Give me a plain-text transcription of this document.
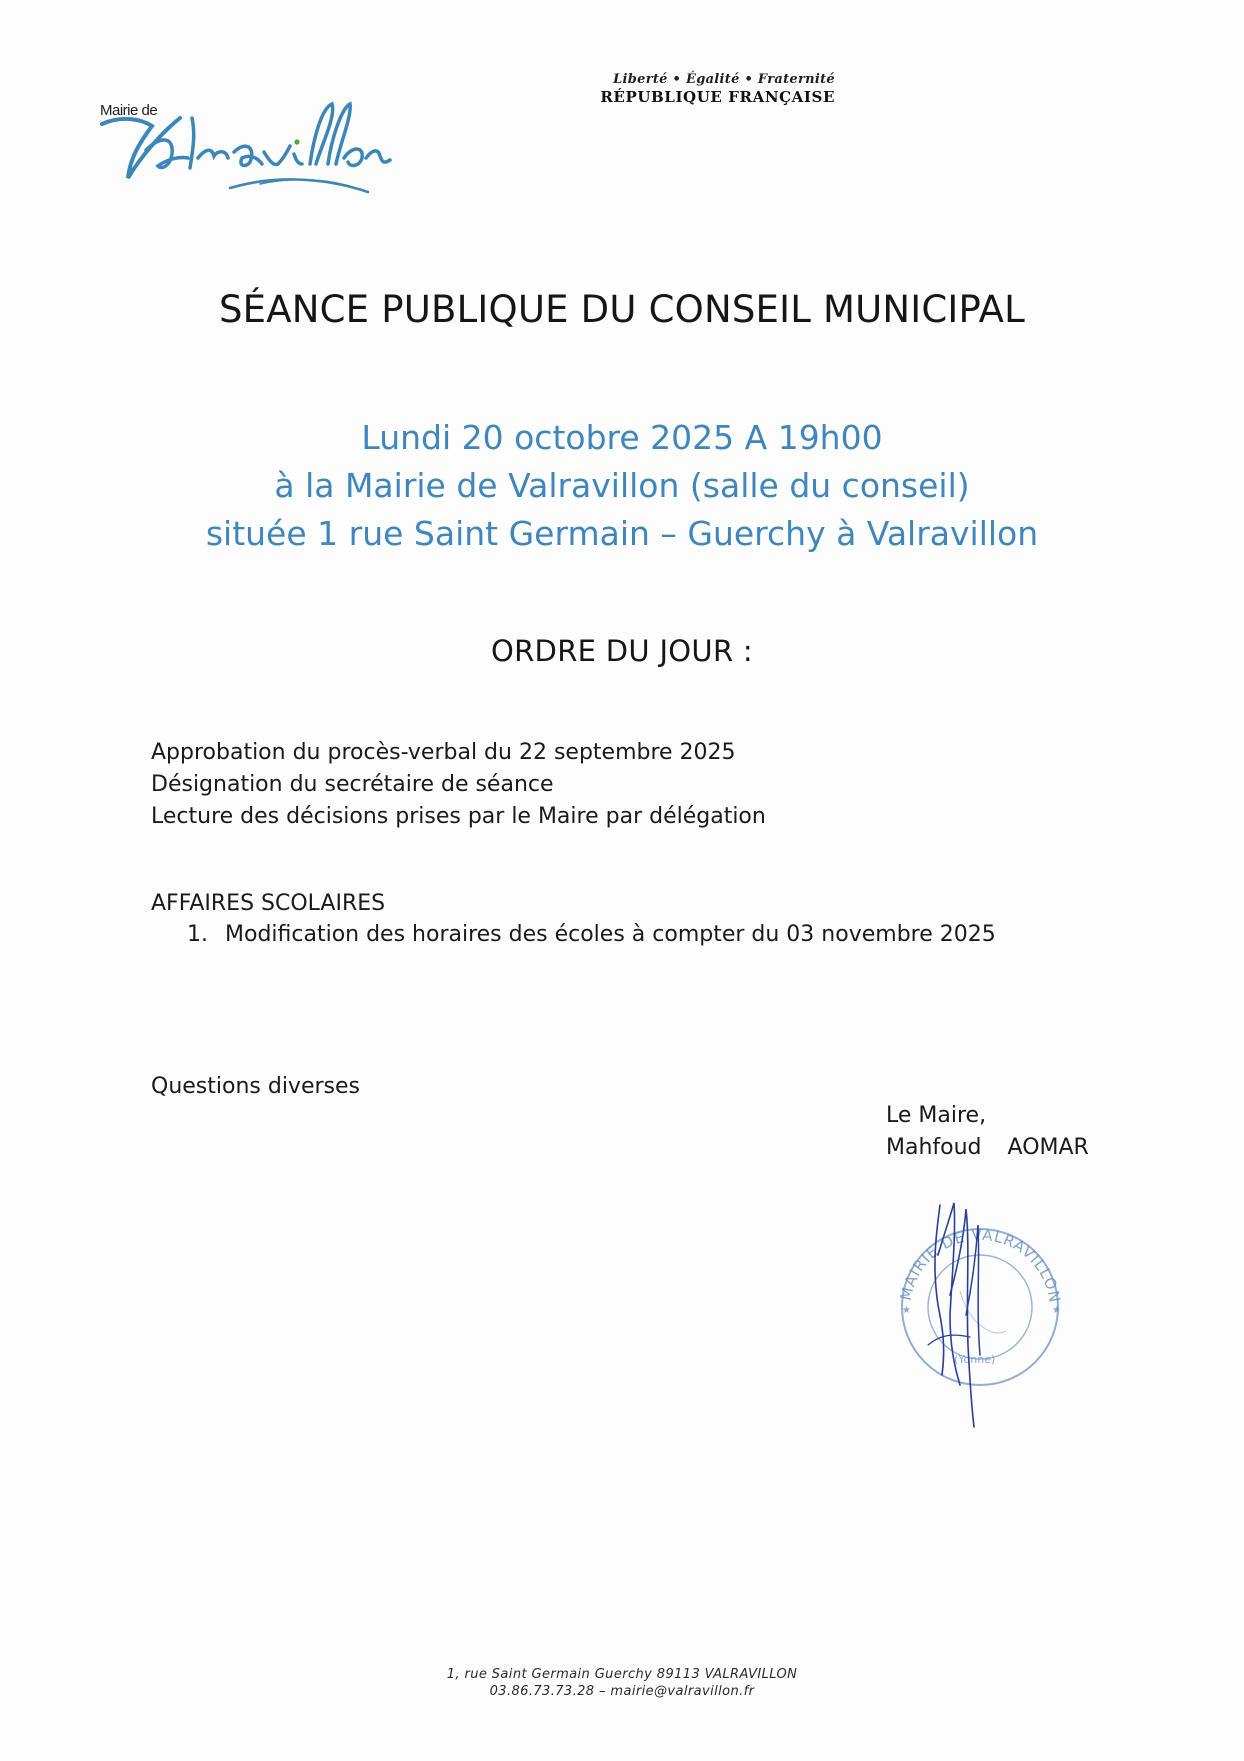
Mairie de
Liberté • Égalité • Fraternité
RÉPUBLIQUE FRANÇAISE
SÉANCE PUBLIQUE DU CONSEIL MUNICIPAL
Lundi 20 octobre 2025 A 19h00
à la Mairie de Valravillon (salle du conseil)
située 1 rue Saint Germain – Guerchy à Valravillon
ORDRE DU JOUR :
Approbation du procès-verbal du 22 septembre 2025
Désignation du secrétaire de séance
Lecture des décisions prises par le Maire par délégation
AFFAIRES SCOLAIRES
1. Modification des horaires des écoles à compter du 03 novembre 2025
Questions diverses
Le Maire,
Mahfoud AOMAR
MAIRIE DE VALRAVILLON
(Yonne)
★	★
1, rue Saint Germain Guerchy 89113 VALRAVILLON
03.86.73.73.28 – mairie@valravillon.fr
